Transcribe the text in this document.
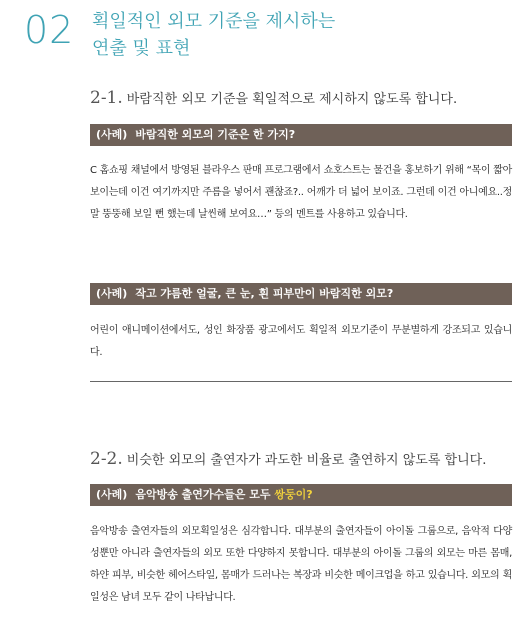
02 획일적인 외모 기준을 제시하는
연출 및 표현
2-1. 바람직한 외모 기준을 획일적으로 제시하지 않도록 합니다.
(사례) 바람직한 외모의 기준은 한 가지?
C 홈쇼핑 채널에서 방영된 블라우스 판매 프로그램에서 쇼호스트는 물건을 홍보하기 위해 “목이 짧아보이는데 이건 여기까지만 주름을 넣어서 괜찮죠?.. 어깨가 더 넓어 보이죠. 그런데 이건 아니예요..정말 뚱뚱해 보일 뻔 했는데 날씬해 보여요…” 등의 멘트를 사용하고 있습니다.
(사례) 작고 갸름한 얼굴, 큰 눈, 흰 피부만이 바람직한 외모?
어린이 애니메이션에서도, 성인 화장품 광고에서도 획일적 외모기준이 무분별하게 강조되고 있습니다.
2-2. 비슷한 외모의 출연자가 과도한 비율로 출연하지 않도록 합니다.
(사례) 음악방송 출연가수들은 모두 쌍둥이?
음악방송 출연자들의 외모획일성은 심각합니다. 대부분의 출연자들이 아이돌 그룹으로, 음악적 다양성뿐만 아니라 출연자들의 외모 또한 다양하지 못합니다. 대부분의 아이돌 그룹의 외모는 마른 몸매, 하얀 피부, 비슷한 헤어스타일, 몸매가 드러나는 복장과 비슷한 메이크업을 하고 있습니다. 외모의 획일성은 남녀 모두 같이 나타납니다.
